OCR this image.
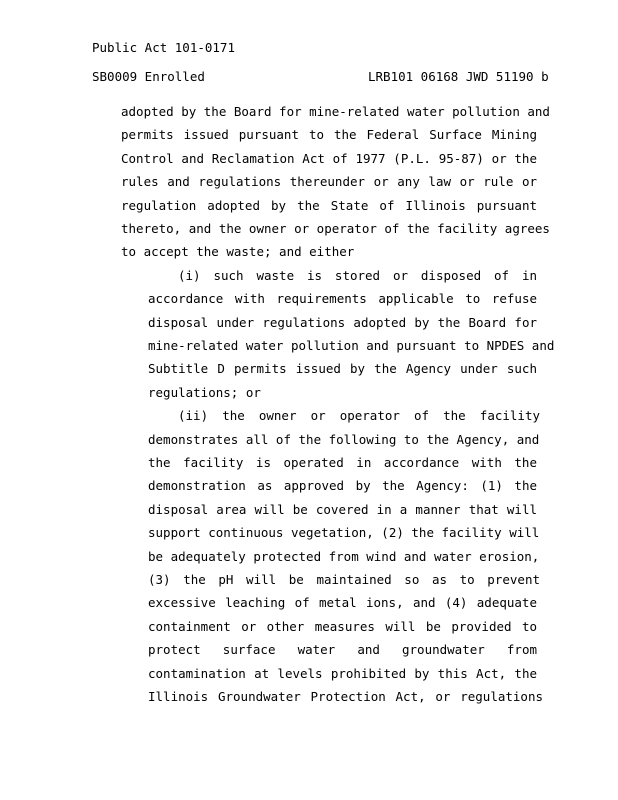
Public Act 101-0171
SB0009 Enrolled	LRB101 06168 JWD 51190 b
adopted by the Board for mine-related water pollution and
permits issued pursuant to the Federal Surface Mining
Control and Reclamation Act of 1977 (P.L. 95-87) or the
rules and regulations thereunder or any law or rule or
regulation adopted by the State of Illinois pursuant
thereto, and the owner or operator of the facility agrees
to accept the waste; and either
(i) such waste is stored or disposed of in
accordance with requirements applicable to refuse
disposal under regulations adopted by the Board for
mine-related water pollution and pursuant to NPDES and
Subtitle D permits issued by the Agency under such
regulations; or
(ii) the owner or operator of the facility
demonstrates all of the following to the Agency, and
the facility is operated in accordance with the
demonstration as approved by the Agency: (1) the
disposal area will be covered in a manner that will
support continuous vegetation, (2) the facility will
be adequately protected from wind and water erosion,
(3) the pH will be maintained so as to prevent
excessive leaching of metal ions, and (4) adequate
containment or other measures will be provided to
protect surface water and groundwater from
contamination at levels prohibited by this Act, the
Illinois Groundwater Protection Act, or regulations
